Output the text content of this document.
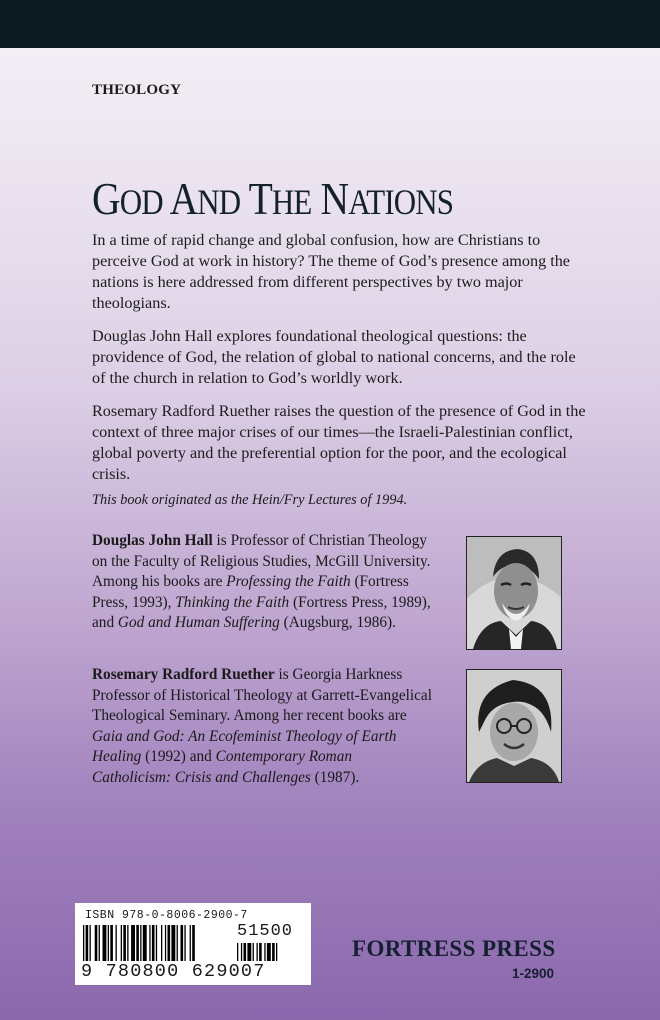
THEOLOGY
GOD AND THE NATIONS

In a time of rapid change and global confusion, how are Christians to perceive God at work in history? The theme of God’s presence among the nations is here addressed from different perspectives by two major theologians.

Douglas John Hall explores foundational theological questions: the providence of God, the relation of global to national concerns, and the role of the church in relation to God’s worldly work.

Rosemary Radford Ruether raises the question of the presence of God in the context of three major crises of our times—the Israeli-Palestinian conflict, global poverty and the preferential option for the poor, and the ecological crisis.

This book originated as the Hein/Fry Lectures of 1994.
Douglas John Hall is Professor of Christian Theology on the Faculty of Religious Studies, McGill University. Among his books are Professing the Faith (Fortress Press, 1993), Thinking the Faith (Fortress Press, 1989), and God and Human Suffering (Augsburg, 1986).
Rosemary Radford Ruether is Georgia Harkness Professor of Historical Theology at Garrett-Evangelical Theological Seminary. Among her recent books are Gaia and God: An Ecofeminist Theology of Earth Healing (1992) and Contemporary Roman Catholicism: Crisis and Challenges (1987).
ISBN 978-0-8006-2900-7
51500
9 780800 629007
FORTRESS PRESS
1-2900
